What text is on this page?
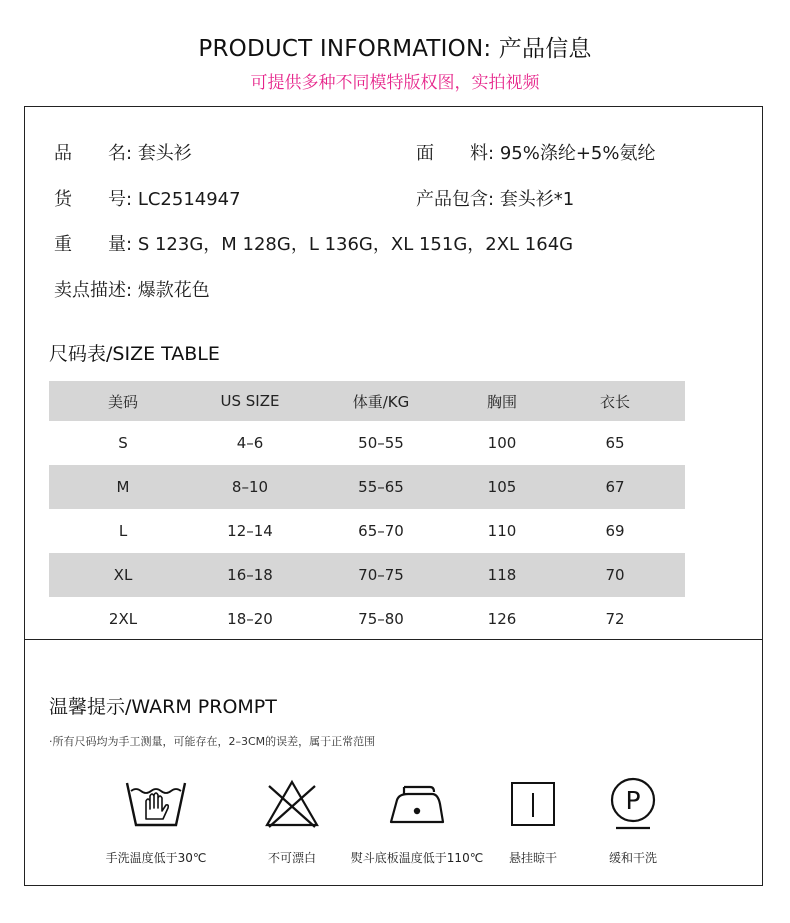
PRODUCT INFORMATION: 产品信息
可提供多种不同模特版权图，实拍视频
品　　名: 套头衫	面　　料: 95%涤纶+5%氨纶
货　　号: LC2514947	产品包含: 套头衫*1
重　　量: S 123G，M 128G，L 136G，XL 151G，2XL 164G
卖点描述: 爆款花色
尺码表/SIZE TABLE
美码	US SIZE	体重/KG	胸围	衣长
S	4–6	50–55	100	65
M	8–10	55–65	105	67
L	12–14	65–70	110	69
XL	16–18	70–75	118	70
2XL	18–20	75–80	126	72
温馨提示/WARM PROMPT
·所有尺码均为手工测量，可能存在，2–3CM的误差，属于正常范围
手洗温度低于30℃	不可漂白	熨斗底板温度低于110℃	悬挂晾干
P
缓和干洗
